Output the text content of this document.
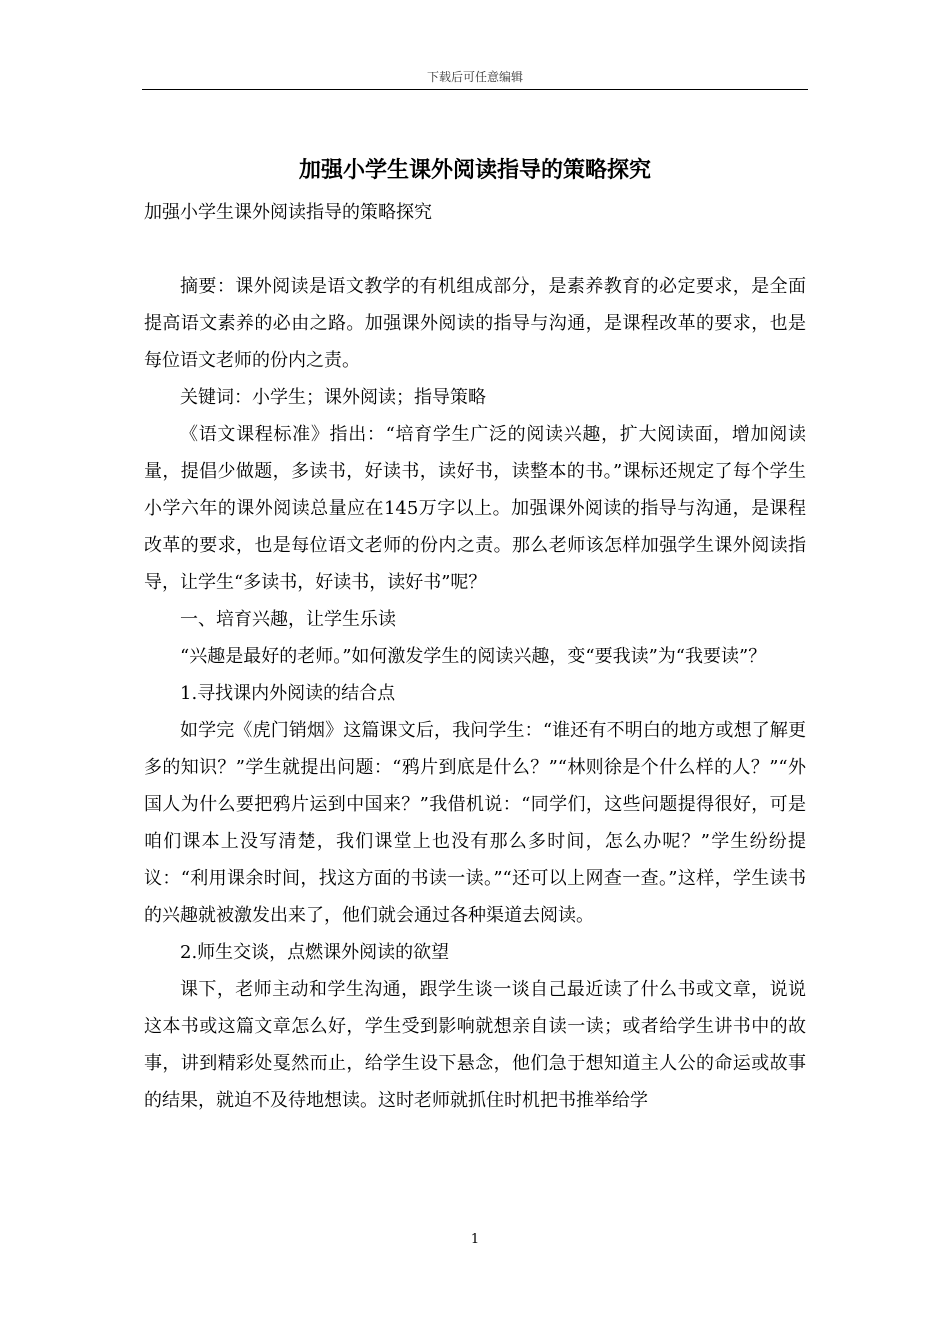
下载后可任意编辑
加强小学生课外阅读指导的策略探究
加强小学生课外阅读指导的策略探究

摘要：课外阅读是语文教学的有机组成部分，是素养教育的必定要求，是全面提高语文素养的必由之路。加强课外阅读的指导与沟通，是课程改革的要求，也是每位语文老师的份内之责。

关键词：小学生；课外阅读；指导策略

《语文课程标准》指出：“培育学生广泛的阅读兴趣，扩大阅读面，增加阅读量，提倡少做题，多读书，好读书，读好书，读整本的书。”课标还规定了每个学生小学六年的课外阅读总量应在145万字以上。加强课外阅读的指导与沟通，是课程改革的要求，也是每位语文老师的份内之责。那么老师该怎样加强学生课外阅读指导，让学生“多读书，好读书，读好书”呢？

一、培育兴趣，让学生乐读

“兴趣是最好的老师。”如何激发学生的阅读兴趣，变“要我读”为“我要读”？

1.寻找课内外阅读的结合点

如学完《虎门销烟》这篇课文后，我问学生：“谁还有不明白的地方或想了解更多的知识？”学生就提出问题：“鸦片到底是什么？”“林则徐是个什么样的人？”“外国人为什么要把鸦片运到中国来？”我借机说：“同学们，这些问题提得很好，可是咱们课本上没写清楚，我们课堂上也没有那么多时间，怎么办呢？”学生纷纷提议：“利用课余时间，找这方面的书读一读。”“还可以上网查一查。”这样，学生读书的兴趣就被激发出来了，他们就会通过各种渠道去阅读。

2.师生交谈，点燃课外阅读的欲望

课下，老师主动和学生沟通，跟学生谈一谈自己最近读了什么书或文章，说说这本书或这篇文章怎么好，学生受到影响就想亲自读一读；或者给学生讲书中的故事，讲到精彩处戛然而止，给学生设下悬念，他们急于想知道主人公的命运或故事的结果，就迫不及待地想读。这时老师就抓住时机把书推举给学

1
